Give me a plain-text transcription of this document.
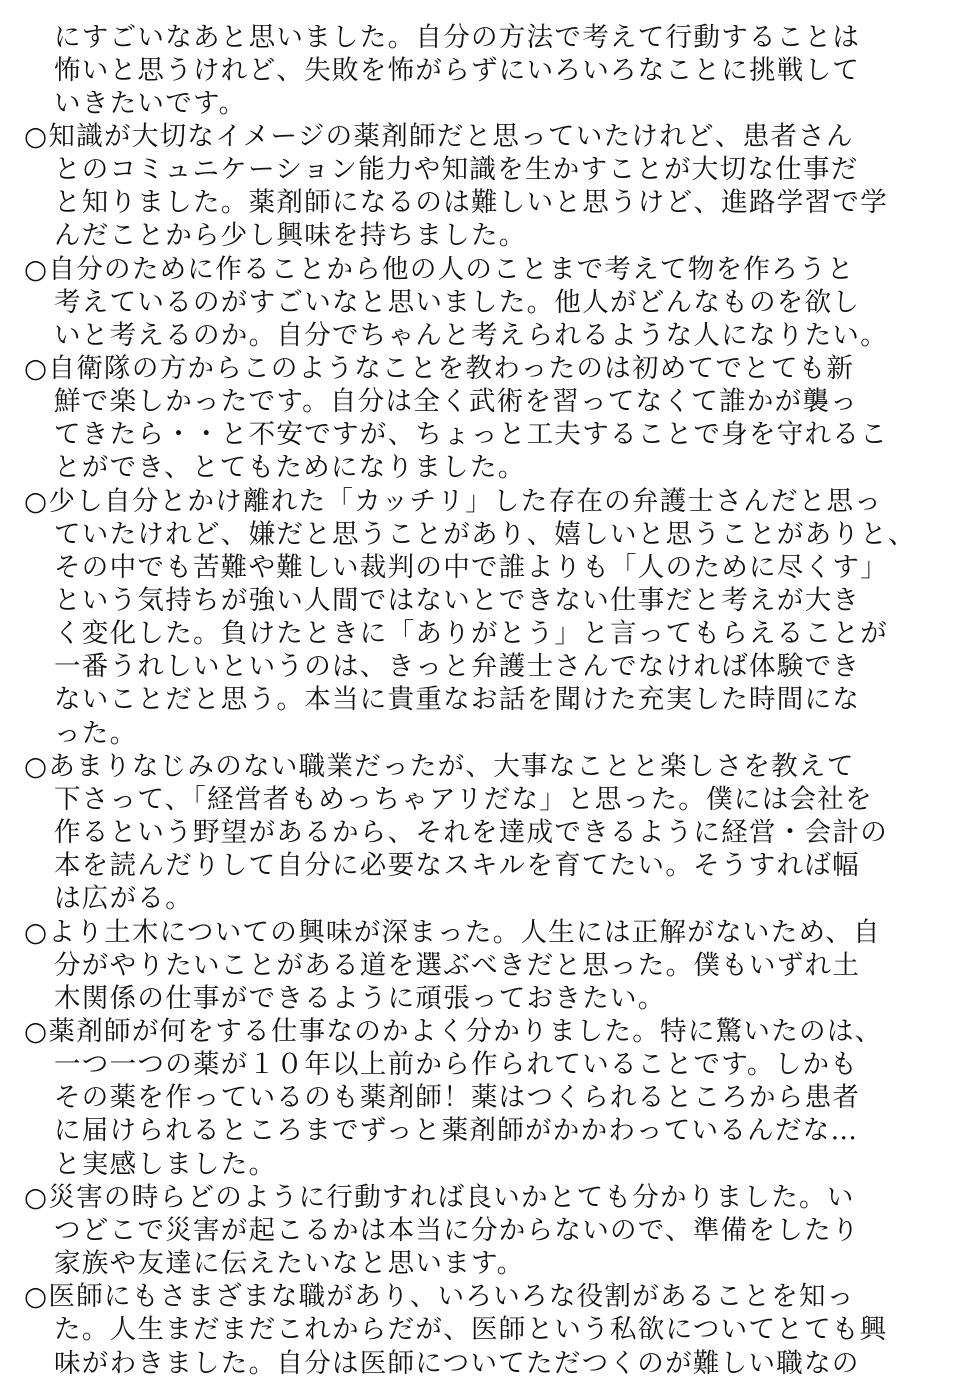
にすごいなあと思いました。自分の方法で考えて行動することは
怖いと思うけれど、失敗を怖がらずにいろいろなことに挑戦して
いきたいです。
○知識が大切なイメージの薬剤師だと思っていたけれど、患者さん
とのコミュニケーション能力や知識を生かすことが大切な仕事だ
と知りました。薬剤師になるのは難しいと思うけど、進路学習で学
んだことから少し興味を持ちました。
○自分のために作ることから他の人のことまで考えて物を作ろうと
考えているのがすごいなと思いました。他人がどんなものを欲し
いと考えるのか。自分でちゃんと考えられるような人になりたい。
○自衛隊の方からこのようなことを教わったのは初めてでとても新
鮮で楽しかったです。自分は全く武術を習ってなくて誰かが襲っ
てきたら・・と不安ですが、ちょっと工夫することで身を守れるこ
とができ、とてもためになりました。
○少し自分とかけ離れた「カッチリ」した存在の弁護士さんだと思っ
ていたけれど、嫌だと思うことがあり、嬉しいと思うことがありと、
その中でも苦難や難しい裁判の中で誰よりも「人のために尽くす」
という気持ちが強い人間ではないとできない仕事だと考えが大き
く変化した。負けたときに「ありがとう」と言ってもらえることが
一番うれしいというのは、きっと弁護士さんでなければ体験でき
ないことだと思う。本当に貴重なお話を聞けた充実した時間にな
った。
○あまりなじみのない職業だったが、大事なことと楽しさを教えて
下さって、「経営者もめっちゃアリだな」と思った。僕には会社を
作るという野望があるから、それを達成できるように経営・会計の
本を読んだりして自分に必要なスキルを育てたい。そうすれば幅
は広がる。
○より土木についての興味が深まった。人生には正解がないため、自
分がやりたいことがある道を選ぶべきだと思った。僕もいずれ土
木関係の仕事ができるように頑張っておきたい。
○薬剤師が何をする仕事なのかよく分かりました。特に驚いたのは、
一つ一つの薬が１０年以上前から作られていることです。しかも
その薬を作っているのも薬剤師！薬はつくられるところから患者
に届けられるところまでずっと薬剤師がかかわっているんだな…
と実感しました。
○災害の時らどのように行動すれば良いかとても分かりました。い
つどこで災害が起こるかは本当に分からないので、準備をしたり
家族や友達に伝えたいなと思います。
○医師にもさまざまな職があり、いろいろな役割があることを知っ
た。人生まだまだこれからだが、医師という私欲についてとても興
味がわきました。自分は医師についてただつくのが難しい職なの
